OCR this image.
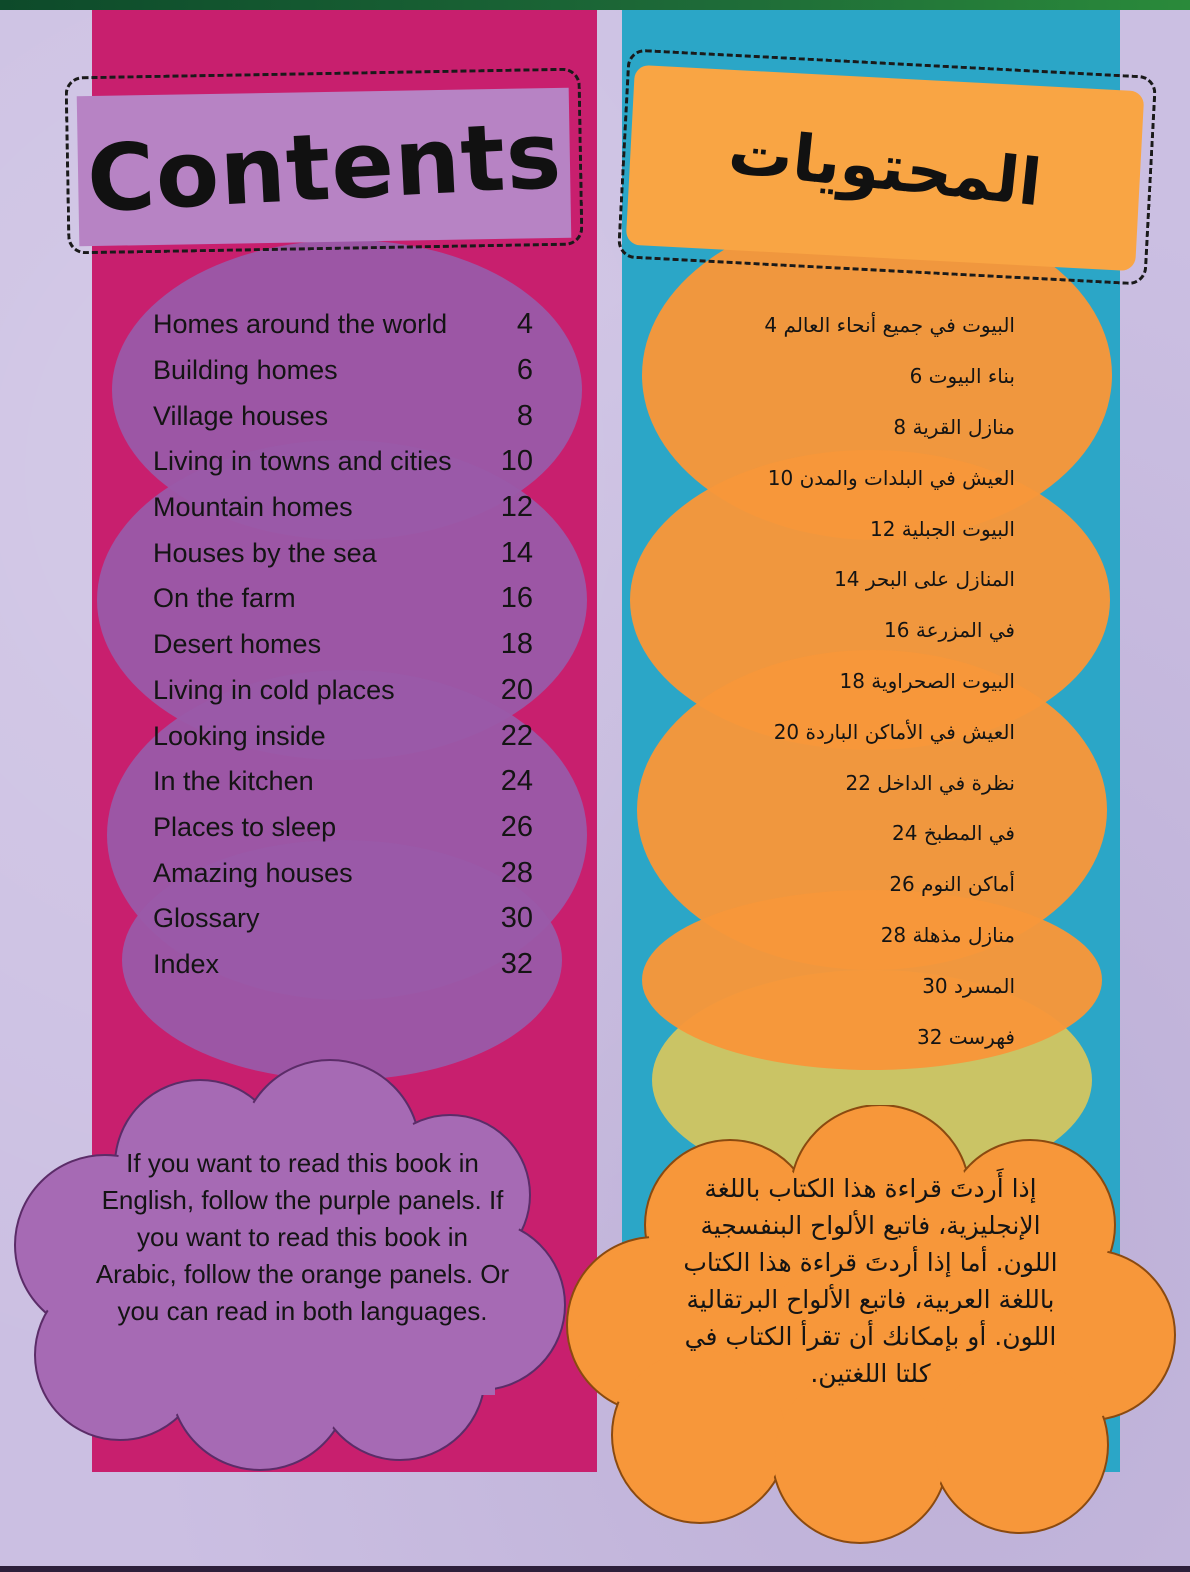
Contents	المحتويات
Homes around the world	4
Building homes	6
Village houses	8
Living in towns and cities 10
Mountain homes	12
Houses by the sea	14
On the farm	16
Desert homes	18
Living in cold places	20
Looking inside	22
In the kitchen	24
Places to sleep	26
Amazing houses	28
Glossary	30
Index	32
البيوت في جميع أنحاء العالم 4
بناء البيوت 6
منازل القرية 8
العيش في البلدات والمدن 10
البيوت الجبلية 12
المنازل على البحر 14
في المزرعة 16
البيوت الصحراوية 18
العيش في الأماكن الباردة 20
نظرة في الداخل 22
في المطبخ 24
أماكن النوم 26
منازل مذهلة 28
المسرد 30
فهرست 32
If you want to read this book in English, follow the purple panels. If you want to read this book in Arabic, follow the orange panels. Or you can read in both languages.
إذا أَردتَ قراءة هذا الكتاب باللغة الإنجليزية، فاتبع الألواح البنفسجية اللون. أما إذا أردتَ قراءة هذا الكتاب باللغة العربية، فاتبع الألواح البرتقالية اللون. أو بإمكانك أن تقرأ الكتاب في كلتا اللغتين.
